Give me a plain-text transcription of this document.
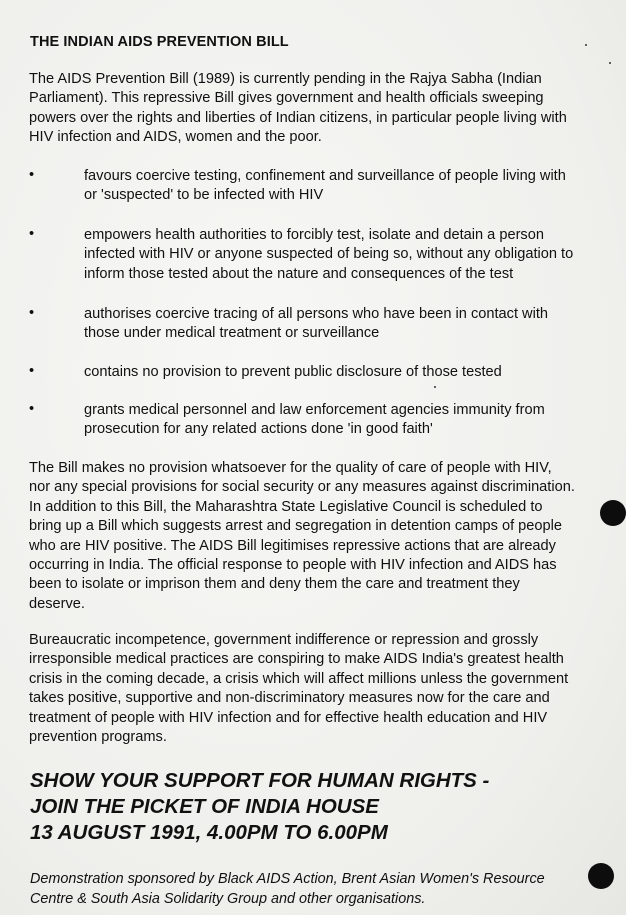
THE INDIAN AIDS PREVENTION BILL
The AIDS Prevention Bill (1989) is currently pending in the Rajya Sabha (Indian
Parliament). This repressive Bill gives government and health officials sweeping
powers over the rights and liberties of Indian citizens, in particular people living with
HIV infection and AIDS, women and the poor.
•	favours coercive testing, confinement and surveillance of people living with
or 'suspected' to be infected with HIV
•	empowers health authorities to forcibly test, isolate and detain a person
infected with HIV or anyone suspected of being so, without any obligation to
inform those tested about the nature and consequences of the test
•	authorises coercive tracing of all persons who have been in contact with
those under medical treatment or surveillance
•	contains no provision to prevent public disclosure of those tested
•	grants medical personnel and law enforcement agencies immunity from
prosecution for any related actions done 'in good faith'
The Bill makes no provision whatsoever for the quality of care of people with HIV,
nor any special provisions for social security or any measures against discrimination.
In addition to this Bill, the Maharashtra State Legislative Council is scheduled to
bring up a Bill which suggests arrest and segregation in detention camps of people
who are HIV positive. The AIDS Bill legitimises repressive actions that are already
occurring in India. The official response to people with HIV infection and AIDS has
been to isolate or imprison them and deny them the care and treatment they
deserve.
Bureaucratic incompetence, government indifference or repression and grossly
irresponsible medical practices are conspiring to make AIDS India's greatest health
crisis in the coming decade, a crisis which will affect millions unless the government
takes positive, supportive and non-discriminatory measures now for the care and
treatment of people with HIV infection and for effective health education and HIV
prevention programs.
SHOW YOUR SUPPORT FOR HUMAN RIGHTS -
JOIN THE PICKET OF INDIA HOUSE
13 AUGUST 1991, 4.00PM TO 6.00PM
Demonstration sponsored by Black AIDS Action, Brent Asian Women's Resource
Centre & South Asia Solidarity Group and other organisations.
